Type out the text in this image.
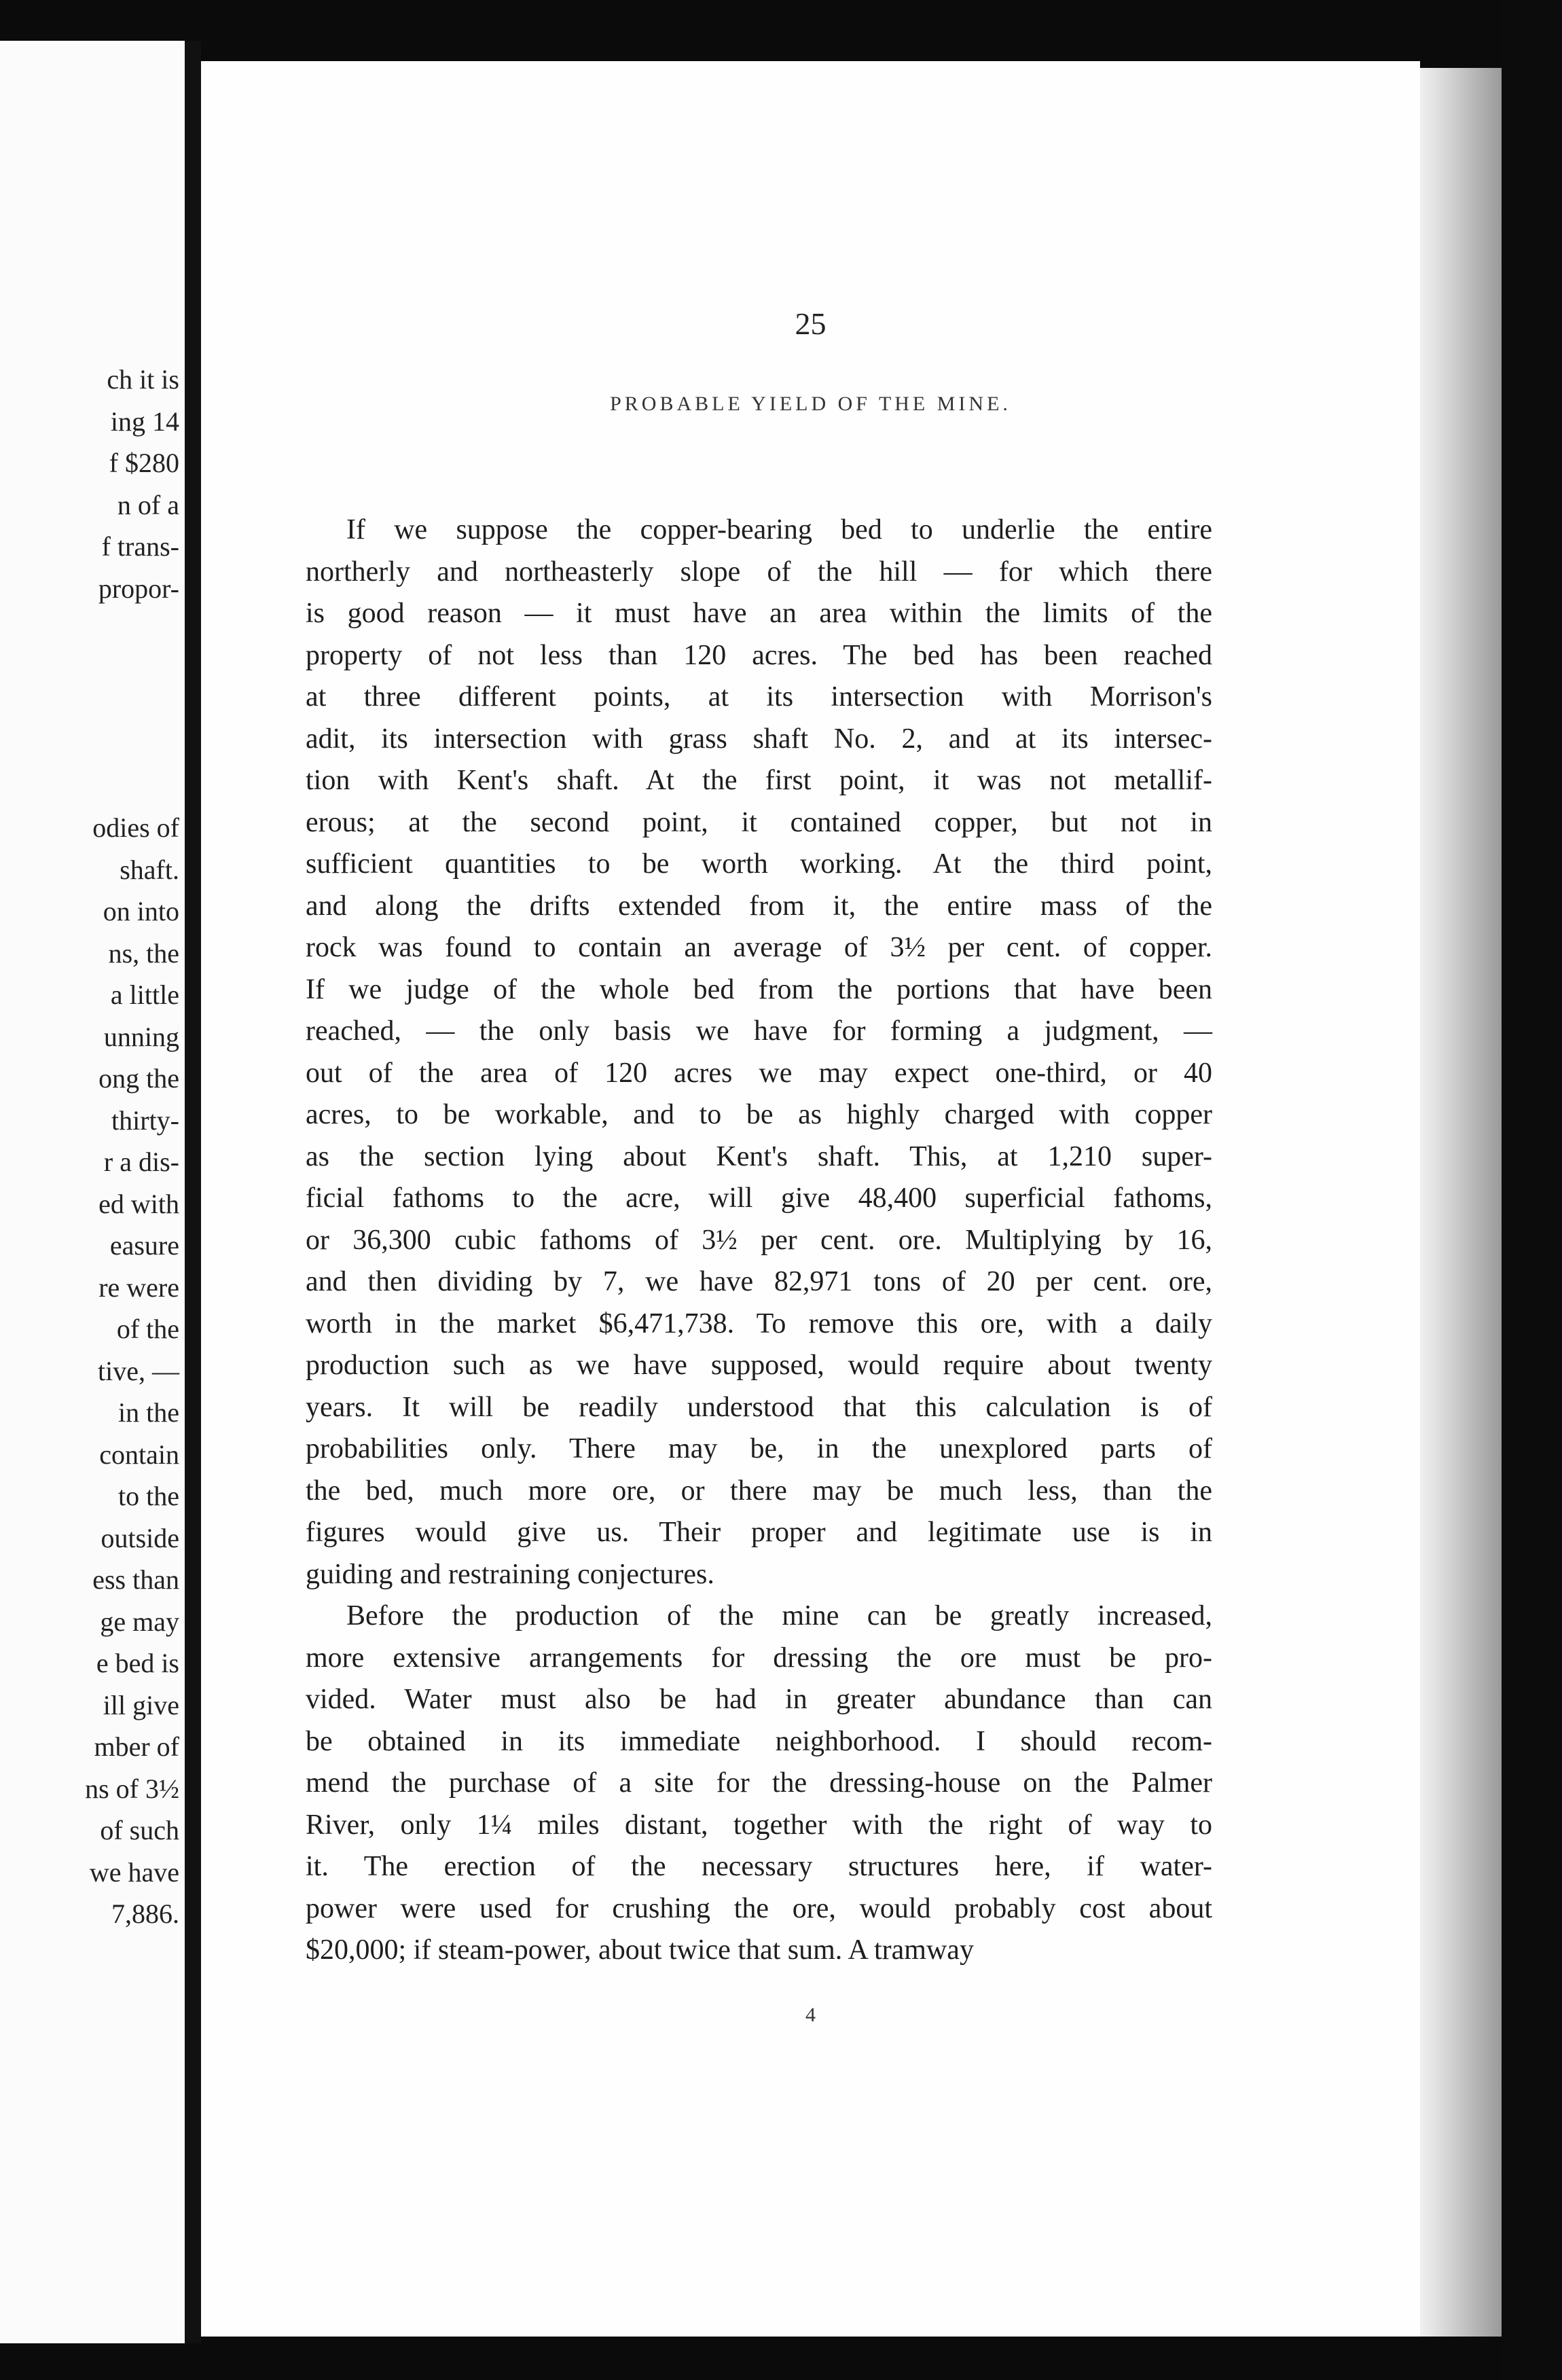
ch it is
ing 14
f $280
n of a
f trans-
propor-
odies of
shaft.
on into
ns, the
a little
unning
ong the
thirty-
r a dis-
ed with
easure
re were
of the
tive, —
in the
contain
to the
outside
ess than
ge may
e bed is
ill give
mber of
ns of 3½
of such
we have
7,886.
25
PROBABLE YIELD OF THE MINE.
If we suppose the copper-bearing bed to underlie the entire
northerly and northeasterly slope of the hill — for which there
is good reason — it must have an area within the limits of the
property of not less than 120 acres. The bed has been reached
at three different points, at its intersection with Morrison's
adit, its intersection with grass shaft No. 2, and at its intersec-
tion with Kent's shaft. At the first point, it was not metallif-
erous; at the second point, it contained copper, but not in
sufficient quantities to be worth working. At the third point,
and along the drifts extended from it, the entire mass of the
rock was found to contain an average of 3½ per cent. of copper.
If we judge of the whole bed from the portions that have been
reached, — the only basis we have for forming a judgment, —
out of the area of 120 acres we may expect one-third, or 40
acres, to be workable, and to be as highly charged with copper
as the section lying about Kent's shaft. This, at 1,210 super-
ficial fathoms to the acre, will give 48,400 superficial fathoms,
or 36,300 cubic fathoms of 3½ per cent. ore. Multiplying by 16,
and then dividing by 7, we have 82,971 tons of 20 per cent. ore,
worth in the market $6,471,738. To remove this ore, with a daily
production such as we have supposed, would require about twenty
years. It will be readily understood that this calculation is of
probabilities only. There may be, in the unexplored parts of
the bed, much more ore, or there may be much less, than the
figures would give us. Their proper and legitimate use is in
guiding and restraining conjectures.
Before the production of the mine can be greatly increased,
more extensive arrangements for dressing the ore must be pro-
vided. Water must also be had in greater abundance than can
be obtained in its immediate neighborhood. I should recom-
mend the purchase of a site for the dressing-house on the Palmer
River, only 1¼ miles distant, together with the right of way to
it. The erection of the necessary structures here, if water-
power were used for crushing the ore, would probably cost about
$20,000; if steam-power, about twice that sum. A tramway
4
